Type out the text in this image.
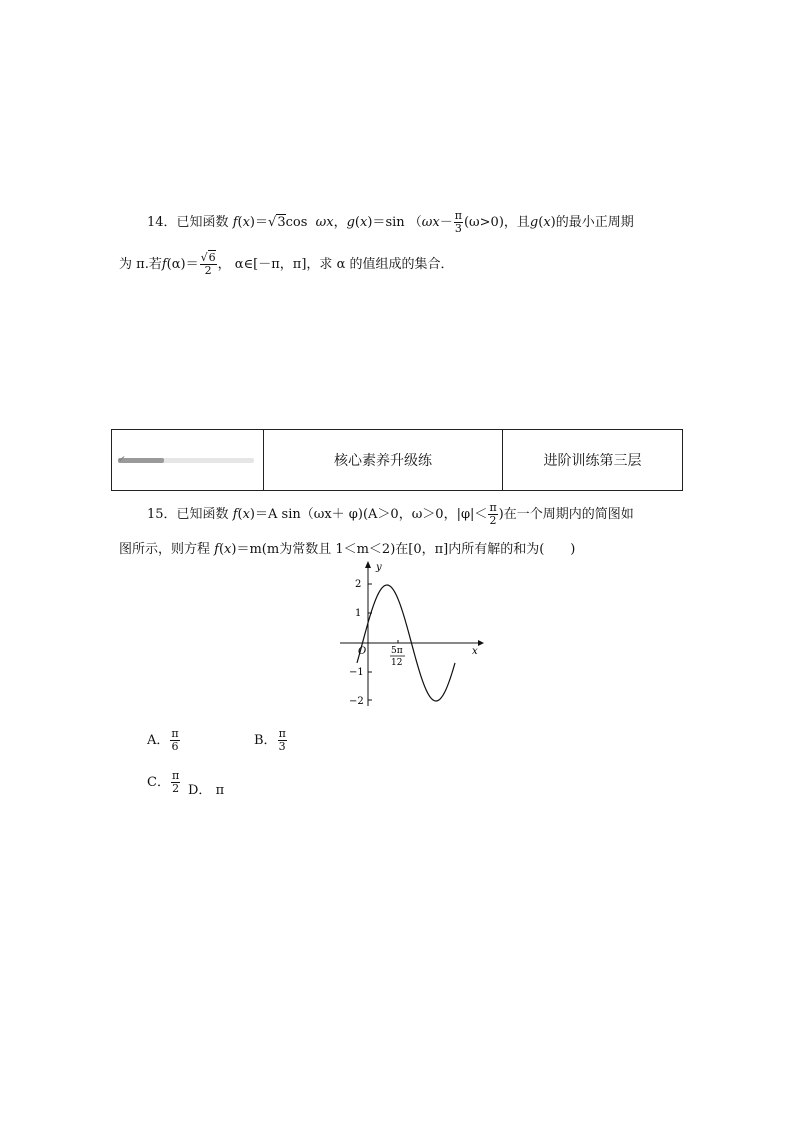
14．已知函数 f(x)＝√3cos ωx，g(x)＝sin （$\omega x- \frac{\pi}{3} (\omega>0)$，且g(x)的最小正周期
为 π.若$f(\alpha)= \frac{√6}{2}$ ， α∈[－π，π]，求 α 的值组成的集合．
✔	核心素养升级练	进阶训练第三层
15．已知函数 f(x)＝A sin（ωx＋ φ)(A＞0，ω＞0，$|\varphi|< \frac{\pi}{2}$ )在一个周期内的简图如
图所示，则方程 f(x)＝m(m为常数且 1＜m＜2)在[0，π]内所有解的和为(　　)
y
x
O
2
1
−1
−2
5π
12
A． $\frac{\pi}{6}$	B． $\frac{\pi}{3}$
C． $\frac{\pi}{2}$ D． π
